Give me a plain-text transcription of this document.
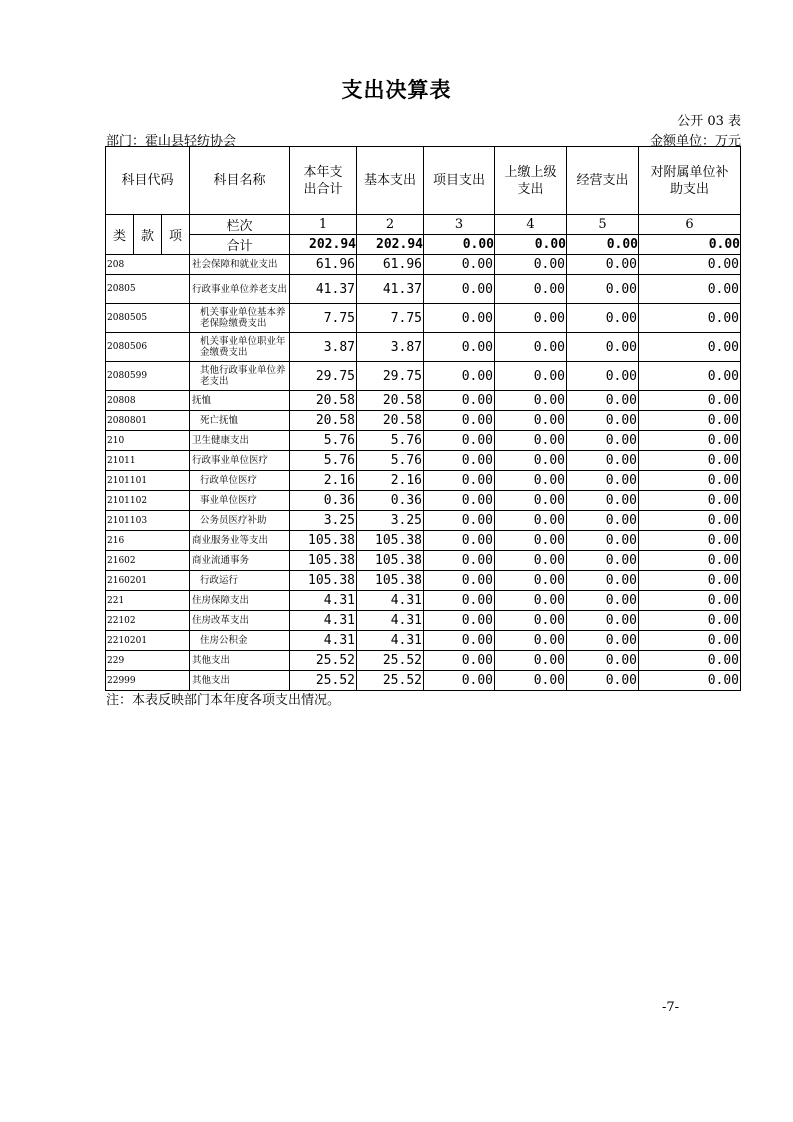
支出决算表
公开 03 表
部门：霍山县轻纺协会	金额单位：万元
科目代码			科目名称	本年支出合计	基本支出	项目支出	上缴上级支出	经营支出	对附属单位补助支出
类	款	项	栏次	1	2	3	4	5	6
			合计	202.94	202.94	0.00	0.00	0.00	0.00
208			社会保障和就业支出	61.96	61.96	0.00	0.00	0.00	0.00
20805			行政事业单位养老支出	41.37	41.37	0.00	0.00	0.00	0.00
2080505			机关事业单位基本养老保险缴费支出	7.75	7.75	0.00	0.00	0.00	0.00
2080506			机关事业单位职业年金缴费支出	3.87	3.87	0.00	0.00	0.00	0.00
2080599			其他行政事业单位养老支出	29.75	29.75	0.00	0.00	0.00	0.00
20808			抚恤	20.58	20.58	0.00	0.00	0.00	0.00
2080801			死亡抚恤	20.58	20.58	0.00	0.00	0.00	0.00
210			卫生健康支出	5.76	5.76	0.00	0.00	0.00	0.00
21011			行政事业单位医疗	5.76	5.76	0.00	0.00	0.00	0.00
2101101			行政单位医疗	2.16	2.16	0.00	0.00	0.00	0.00
2101102			事业单位医疗	0.36	0.36	0.00	0.00	0.00	0.00
2101103			公务员医疗补助	3.25	3.25	0.00	0.00	0.00	0.00
216			商业服务业等支出	105.38	105.38	0.00	0.00	0.00	0.00
21602			商业流通事务	105.38	105.38	0.00	0.00	0.00	0.00
2160201			行政运行	105.38	105.38	0.00	0.00	0.00	0.00
221			住房保障支出	4.31	4.31	0.00	0.00	0.00	0.00
22102			住房改革支出	4.31	4.31	0.00	0.00	0.00	0.00
2210201			住房公积金	4.31	4.31	0.00	0.00	0.00	0.00
229			其他支出	25.52	25.52	0.00	0.00	0.00	0.00
22999			其他支出	25.52	25.52	0.00	0.00	0.00	0.00
注：本表反映部门本年度各项支出情况。
-7-
